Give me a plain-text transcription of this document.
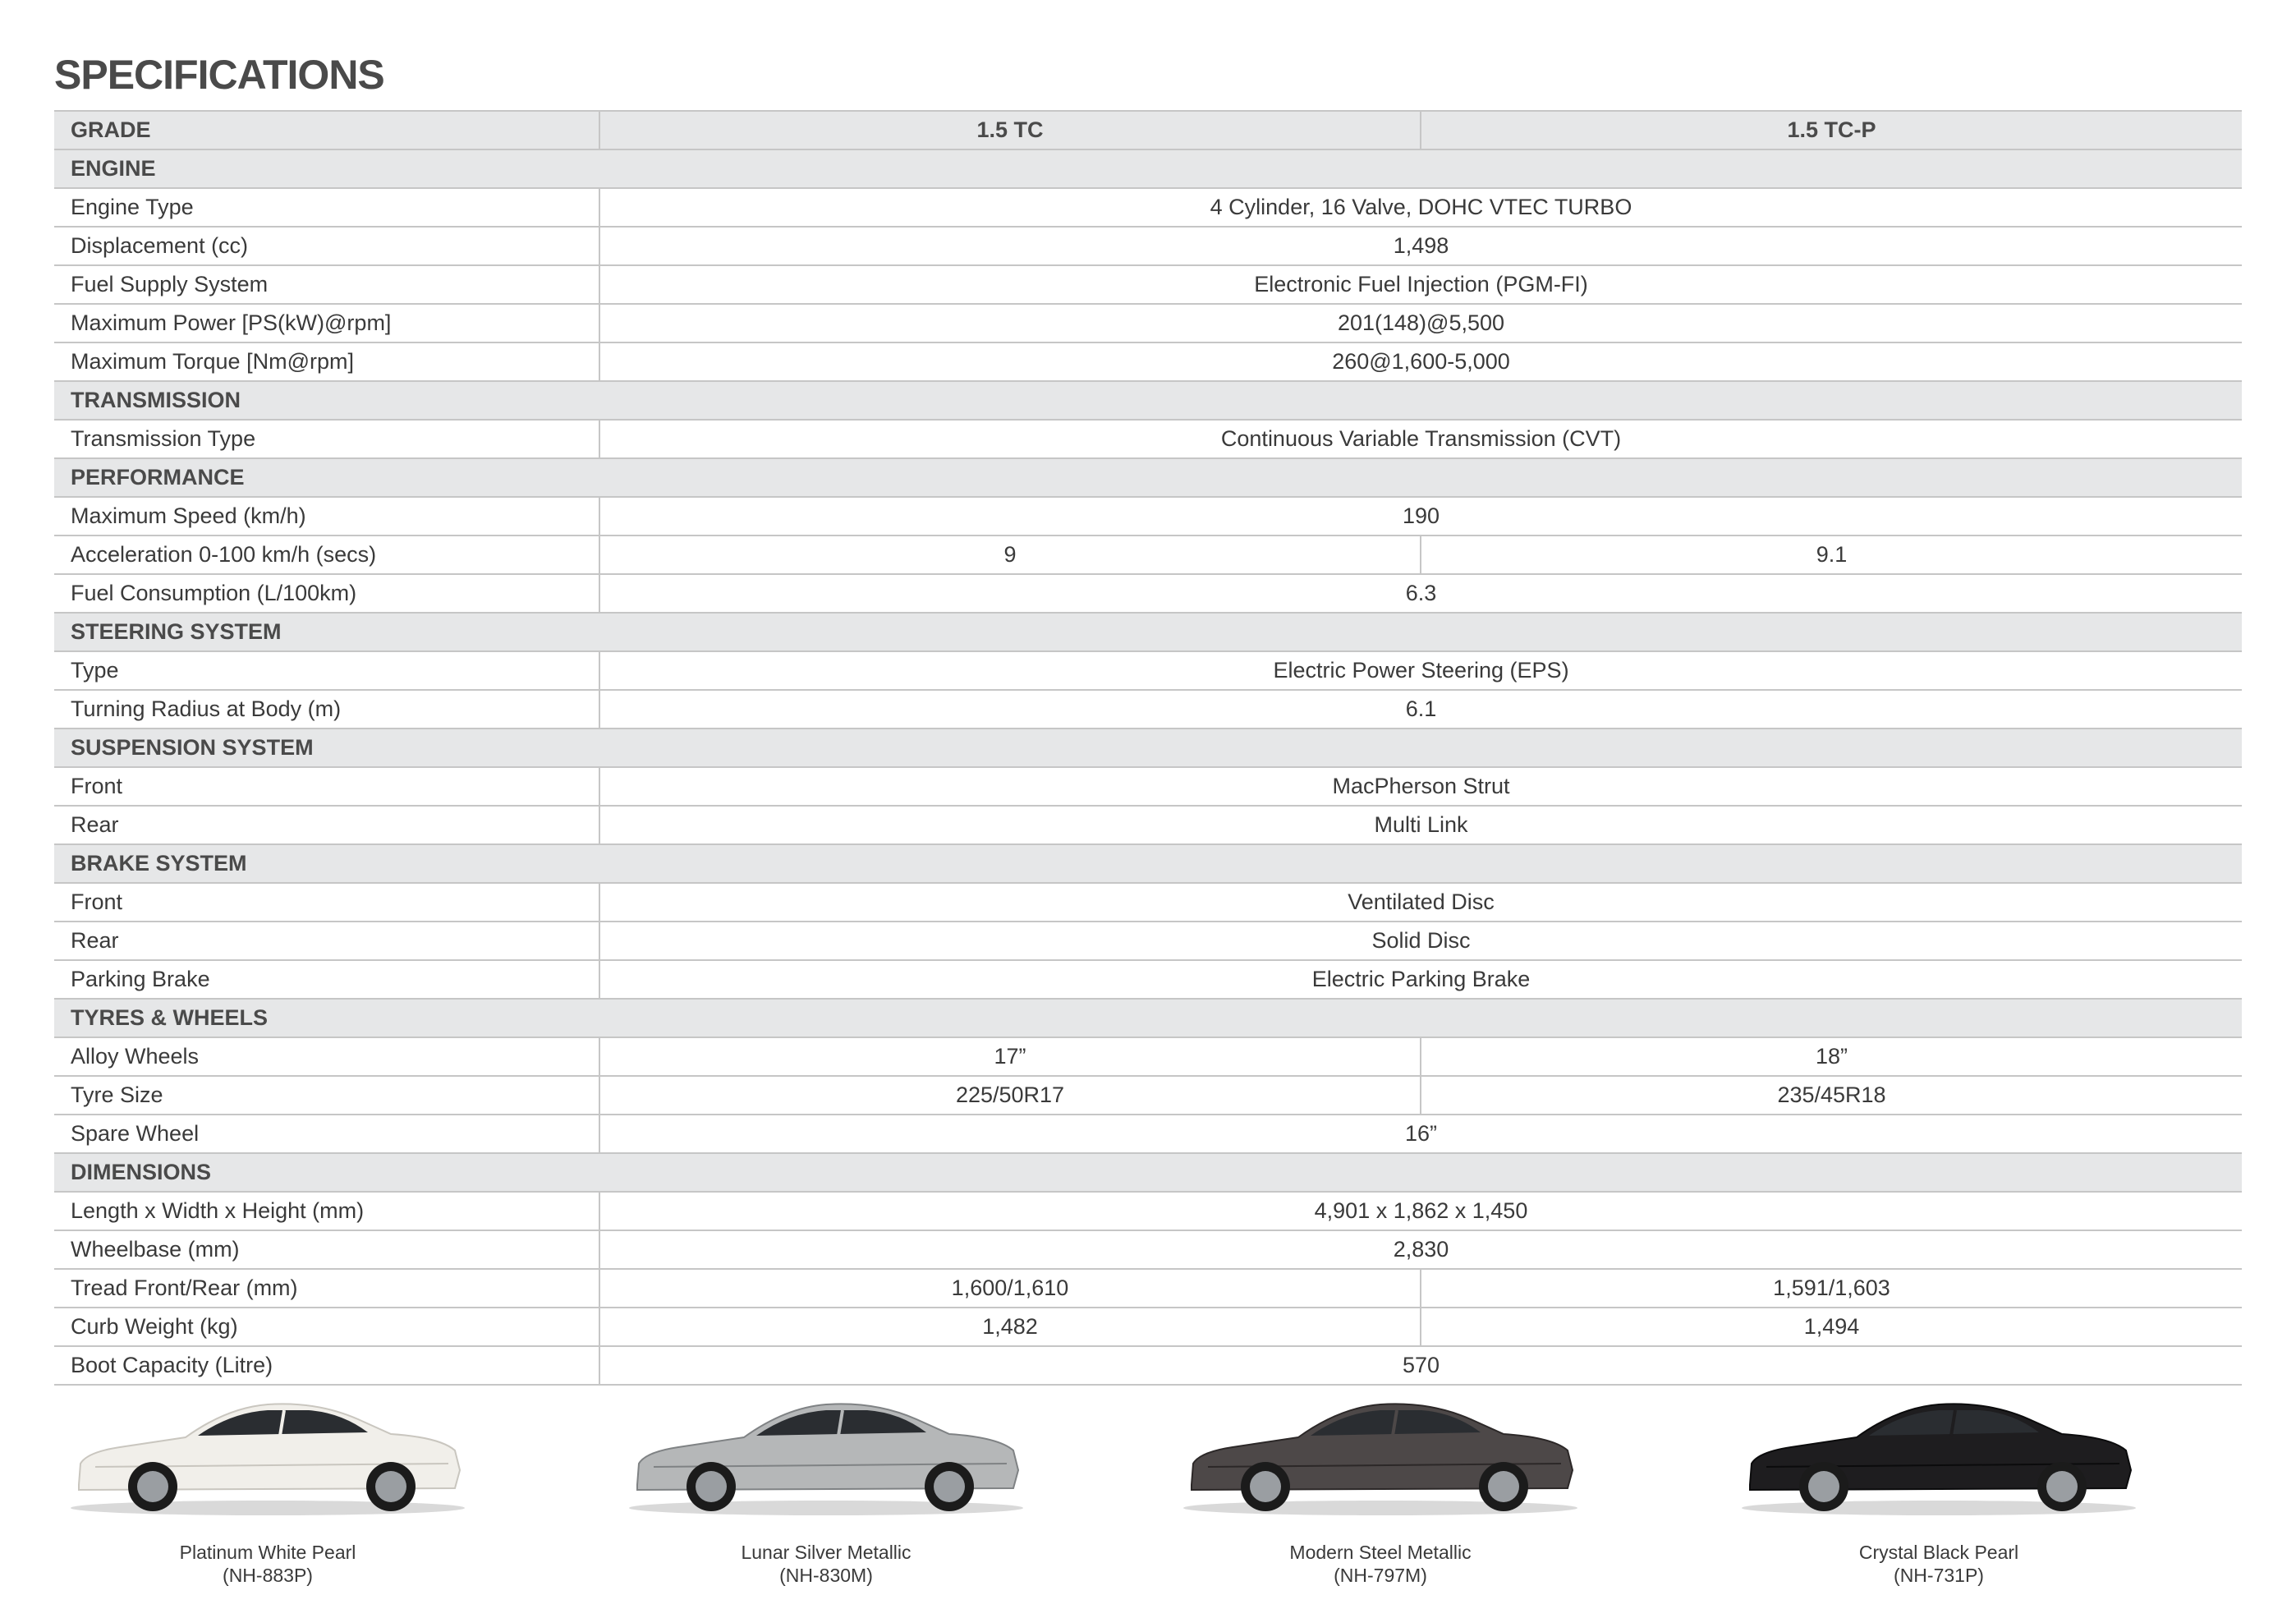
SPECIFICATIONS
GRADE	1.5 TC	1.5 TC-P
ENGINE		
Engine Type	4 Cylinder, 16 Valve, DOHC VTEC TURBO	
Displacement (cc)	1,498	
Fuel Supply System	Electronic Fuel Injection (PGM-FI)	
Maximum Power [PS(kW)@rpm]	201(148)@5,500	
Maximum Torque [Nm@rpm]	260@1,600-5,000	
TRANSMISSION		
Transmission Type	Continuous Variable Transmission (CVT)	
PERFORMANCE		
Maximum Speed (km/h)	190	
Acceleration 0-100 km/h (secs)	9	9.1
Fuel Consumption (L/100km)	6.3	
STEERING SYSTEM		
Type	Electric Power Steering (EPS)	
Turning Radius at Body (m)	6.1	
SUSPENSION SYSTEM		
Front	MacPherson Strut	
Rear	Multi Link	
BRAKE SYSTEM		
Front	Ventilated Disc	
Rear	Solid Disc	
Parking Brake	Electric Parking Brake	
TYRES & WHEELS		
Alloy Wheels	17”	18”
Tyre Size	225/50R17	235/45R18
Spare Wheel	16”	
DIMENSIONS		
Length x Width x Height (mm)	4,901 x 1,862 x 1,450	
Wheelbase (mm)	2,830	
Tread Front/Rear (mm)	1,600/1,610	1,591/1,603
Curb Weight (kg)	1,482	1,494
Boot Capacity (Litre)	570	
Platinum White Pearl
(NH-883P)
Lunar Silver Metallic
(NH-830M)
Modern Steel Metallic
(NH-797M)
Crystal Black Pearl
(NH-731P)
